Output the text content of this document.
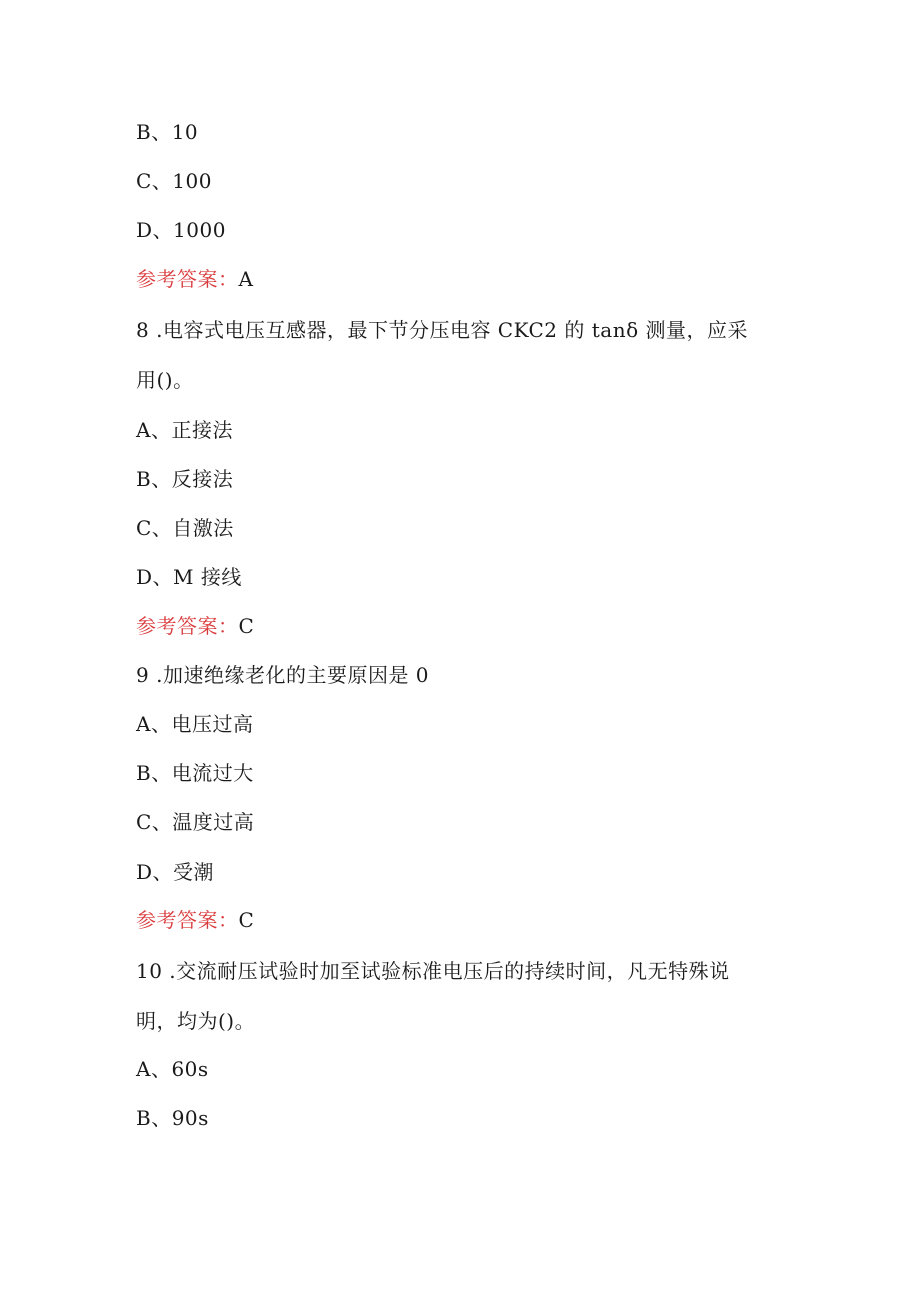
B、10
C、100
D、1000
参考答案：A
8 .电容式电压互感器，最下节分压电容 CKC2 的 tanδ 测量，应采
用()。
A、正接法
B、反接法
C、自激法
D、M 接线
参考答案：C
9 .加速绝缘老化的主要原因是 0
A、电压过高
B、电流过大
C、温度过高
D、受潮
参考答案：C
10 .交流耐压试验时加至试验标准电压后的持续时间，凡无特殊说
明，均为()。
A、60s
B、90s
